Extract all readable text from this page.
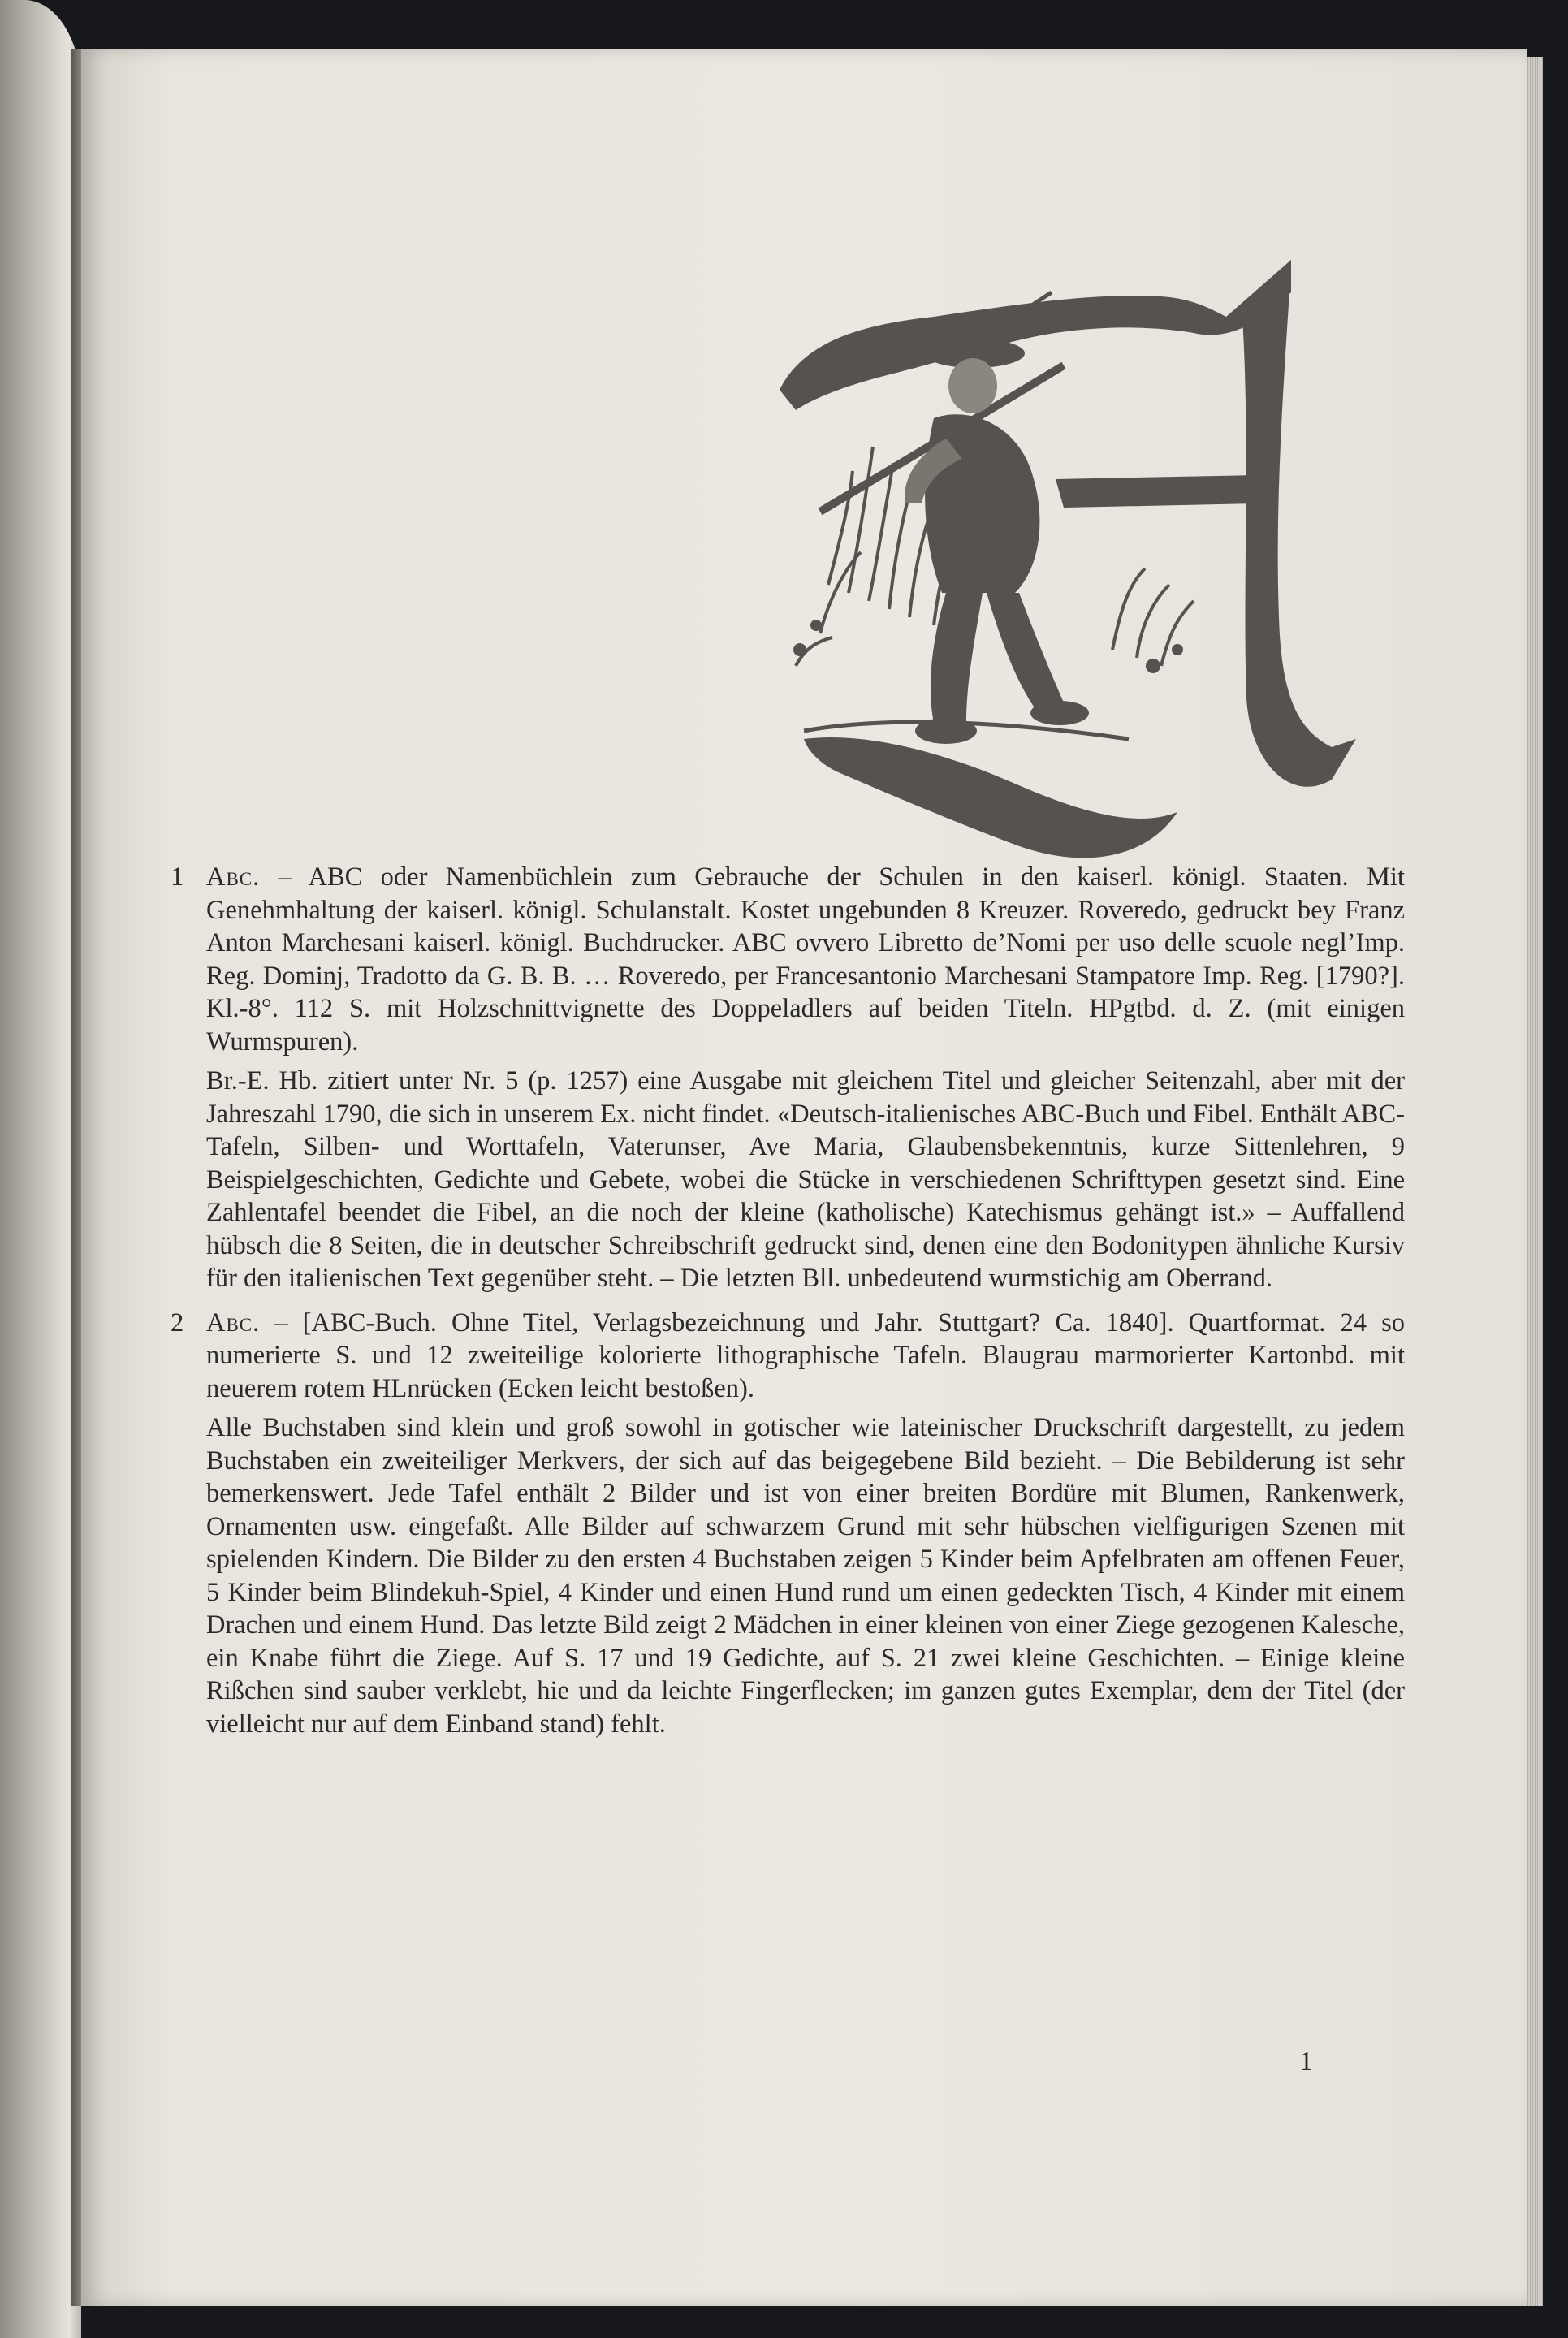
1 Abc. – ABC oder Namenbüchlein zum Gebrauche der Schulen in den kaiserl. königl. Staaten. Mit Genehmhaltung der kaiserl. königl. Schulanstalt. Kostet ungebunden 8 Kreuzer. Roveredo, gedruckt bey Franz Anton Marchesani kaiserl. königl. Buchdrucker. ABC ovvero Libretto de’Nomi per uso delle scuole negl’Imp. Reg. Dominj, Tradotto da G. B. B. … Roveredo, per Francesantonio Marchesani Stampatore Imp. Reg. [1790?]. Kl.-8°. 112 S. mit Holzschnittvignette des Doppeladlers auf beiden Titeln. HPgtbd. d. Z. (mit einigen Wurmspuren).

Br.-E. Hb. zitiert unter Nr. 5 (p. 1257) eine Ausgabe mit gleichem Titel und gleicher Seitenzahl, aber mit der Jahreszahl 1790, die sich in unserem Ex. nicht findet. «Deutsch-italienisches ABC-Buch und Fibel. Enthält ABC-Tafeln, Silben- und Worttafeln, Vaterunser, Ave Maria, Glaubensbekenntnis, kurze Sittenlehren, 9 Beispielgeschichten, Gedichte und Gebete, wobei die Stücke in verschiedenen Schrifttypen gesetzt sind. Eine Zahlentafel beendet die Fibel, an die noch der kleine (katholische) Katechismus gehängt ist.» – Auffallend hübsch die 8 Seiten, die in deutscher Schreibschrift gedruckt sind, denen eine den Bodonitypen ähnliche Kursiv für den italienischen Text gegenüber steht. – Die letzten Bll. unbedeutend wurmstichig am Oberrand.

2 Abc. – [ABC-Buch. Ohne Titel, Verlagsbezeichnung und Jahr. Stuttgart? Ca. 1840]. Quartformat. 24 so numerierte S. und 12 zweiteilige kolorierte lithographische Tafeln. Blaugrau marmorierter Kartonbd. mit neuerem rotem HLnrücken (Ecken leicht bestoßen).

Alle Buchstaben sind klein und groß sowohl in gotischer wie lateinischer Druckschrift dargestellt, zu jedem Buchstaben ein zweiteiliger Merkvers, der sich auf das beigegebene Bild bezieht. – Die Bebilderung ist sehr bemerkenswert. Jede Tafel enthält 2 Bilder und ist von einer breiten Bordüre mit Blumen, Rankenwerk, Ornamenten usw. eingefaßt. Alle Bilder auf schwarzem Grund mit sehr hübschen vielfigurigen Szenen mit spielenden Kindern. Die Bilder zu den ersten 4 Buchstaben zeigen 5 Kinder beim Apfelbraten am offenen Feuer, 5 Kinder beim Blindekuh-Spiel, 4 Kinder und einen Hund rund um einen gedeckten Tisch, 4 Kinder mit einem Drachen und einem Hund. Das letzte Bild zeigt 2 Mädchen in einer kleinen von einer Ziege gezogenen Kalesche, ein Knabe führt die Ziege. Auf S. 17 und 19 Gedichte, auf S. 21 zwei kleine Geschichten. – Einige kleine Rißchen sind sauber verklebt, hie und da leichte Fingerflecken; im ganzen gutes Exemplar, dem der Titel (der vielleicht nur auf dem Einband stand) fehlt.

1
